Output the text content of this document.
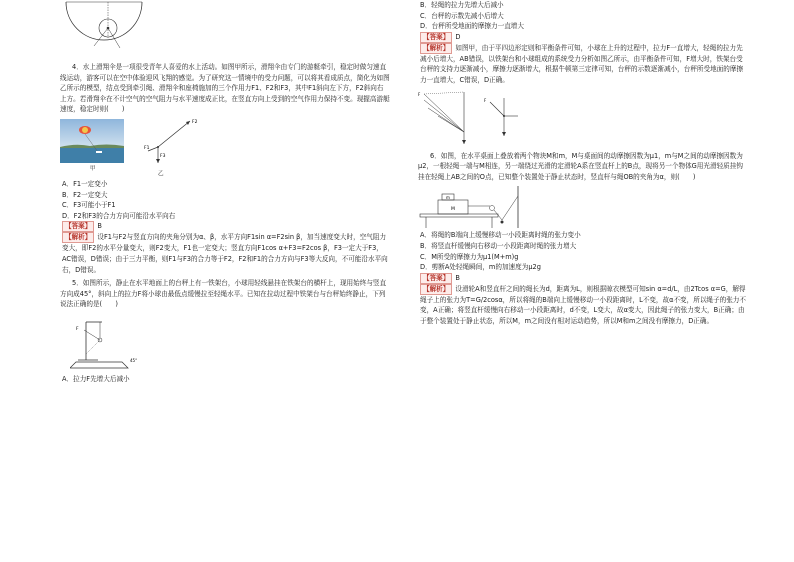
4．水上滑翔伞是一项很受青年人喜爱的水上活动。如图甲所示，滑翔伞由专门的游艇牵引，稳定时做匀速直线运动，游客可以在空中体验迎风飞翔的感觉。为了研究这一情境中的受力问题，可以将其看成质点，简化为如图乙所示的模型，结点受到牵引绳、滑翔伞和座椅施加的三个作用力F1、F2和F3，其中F1斜向左下方，F2斜向右上方。若滑翔伞在不计空气的空气阻力与水平速度成正比，在竖直方向上受到的空气作用力保持不变。现握高游艇速度，稳定时则(　　)

甲
F2
F1
F3
乙

A．F1一定变小

B．F2一定变大

C．F3可能小于F1

D．F2和F3的合力方向可能沿水平向右

【答案】 B

【解析】 设F1与F2与竖直方向的夹角分别为α、β，水平方向F1sin α=F2sin β，加当速度变大时，空气阻力变大，即F2的水平分量变大，则F2变大，F1也一定变大；竖直方向F1cos α+F3=F2cos β，F3一定大于F3，AC错误，D错误；由于三力平衡，则F1与F3的合力等于F2，F2和F1的合力方向与F3等大反向，不可能沿水平向右，D错误。

5．如图所示，静止在水平地面上的台秤上有一铁架台，小球用轻线悬挂在铁架台的横杆上，现用始终与竖直方向成45°，斜向上的拉力F将小球由最低点缓慢拉至轻绳水平。已知在拉动过程中铁架台与台秤始终静止，下列说法正确的是(　　)

F
45°

A．拉力F先增大后减小

B．轻绳的拉力先增大后减小

C．台秤的示数先减小后增大

D．台秤所受地面的摩擦力一直增大

【答案】 D

【解析】 如图甲，由于平四边形定则和平衡条件可知，小球在上升的过程中，拉力F一直增大，轻绳的拉力先减小后增大，AB错误，以铁架台和小球组成的系统受力分析如图乙所示，由平衡条件可知，F增大时，铁架台受台秤的支持力逐渐减小，摩擦力逐渐增大，根据牛顿第三定律可知，台秤的示数逐渐减小，台秤所受地面的摩擦力一直增大，C错误，D正确。

F
F

6．如图，在水平桌面上叠放着两个物块M和m，M与桌面间的动摩擦因数为μ1，m与M之间的动摩擦因数为μ2，一根轻绳一端与M相连，另一端绕过光滑的定滑轮A系在竖直杆上的B点，现将另一个物体G用光滑轻质挂钩挂在轻绳上AB之间的O点，已知整个装置处于静止状态时，竖直杆与绳OB的夹角为α，则(　　)

m
M

A．将绳的B端向上缓慢移动一小段距离时绳的张力变小

B．将竖直杆缓慢向右移动一小段距离时绳的张力增大

C．M所受的摩擦力为μ1(M+m)g

D．剪断A处轻绳瞬间，m的加速度为μ2g

【答案】 B

【解析】 设滑轮A和竖直杆之间的绳长为d，距离为L，则根据晾衣模型可知sin α=d/L，由2Tcos α=G，解得绳子上的张力为T=G/2cosα，所以将绳的B端向上缓慢移动一小段距离时，L不变，故α不变，所以绳子的张力不变，A正确；将竖直杆缓慢向右移动一小段距离时，d不变，L变大，故α变大，因此绳子的张力变大，B正确；由于整个装置处于静止状态，所以M，m之间没有相对运动趋势，所以M和m之间没有摩擦力，D正确。
